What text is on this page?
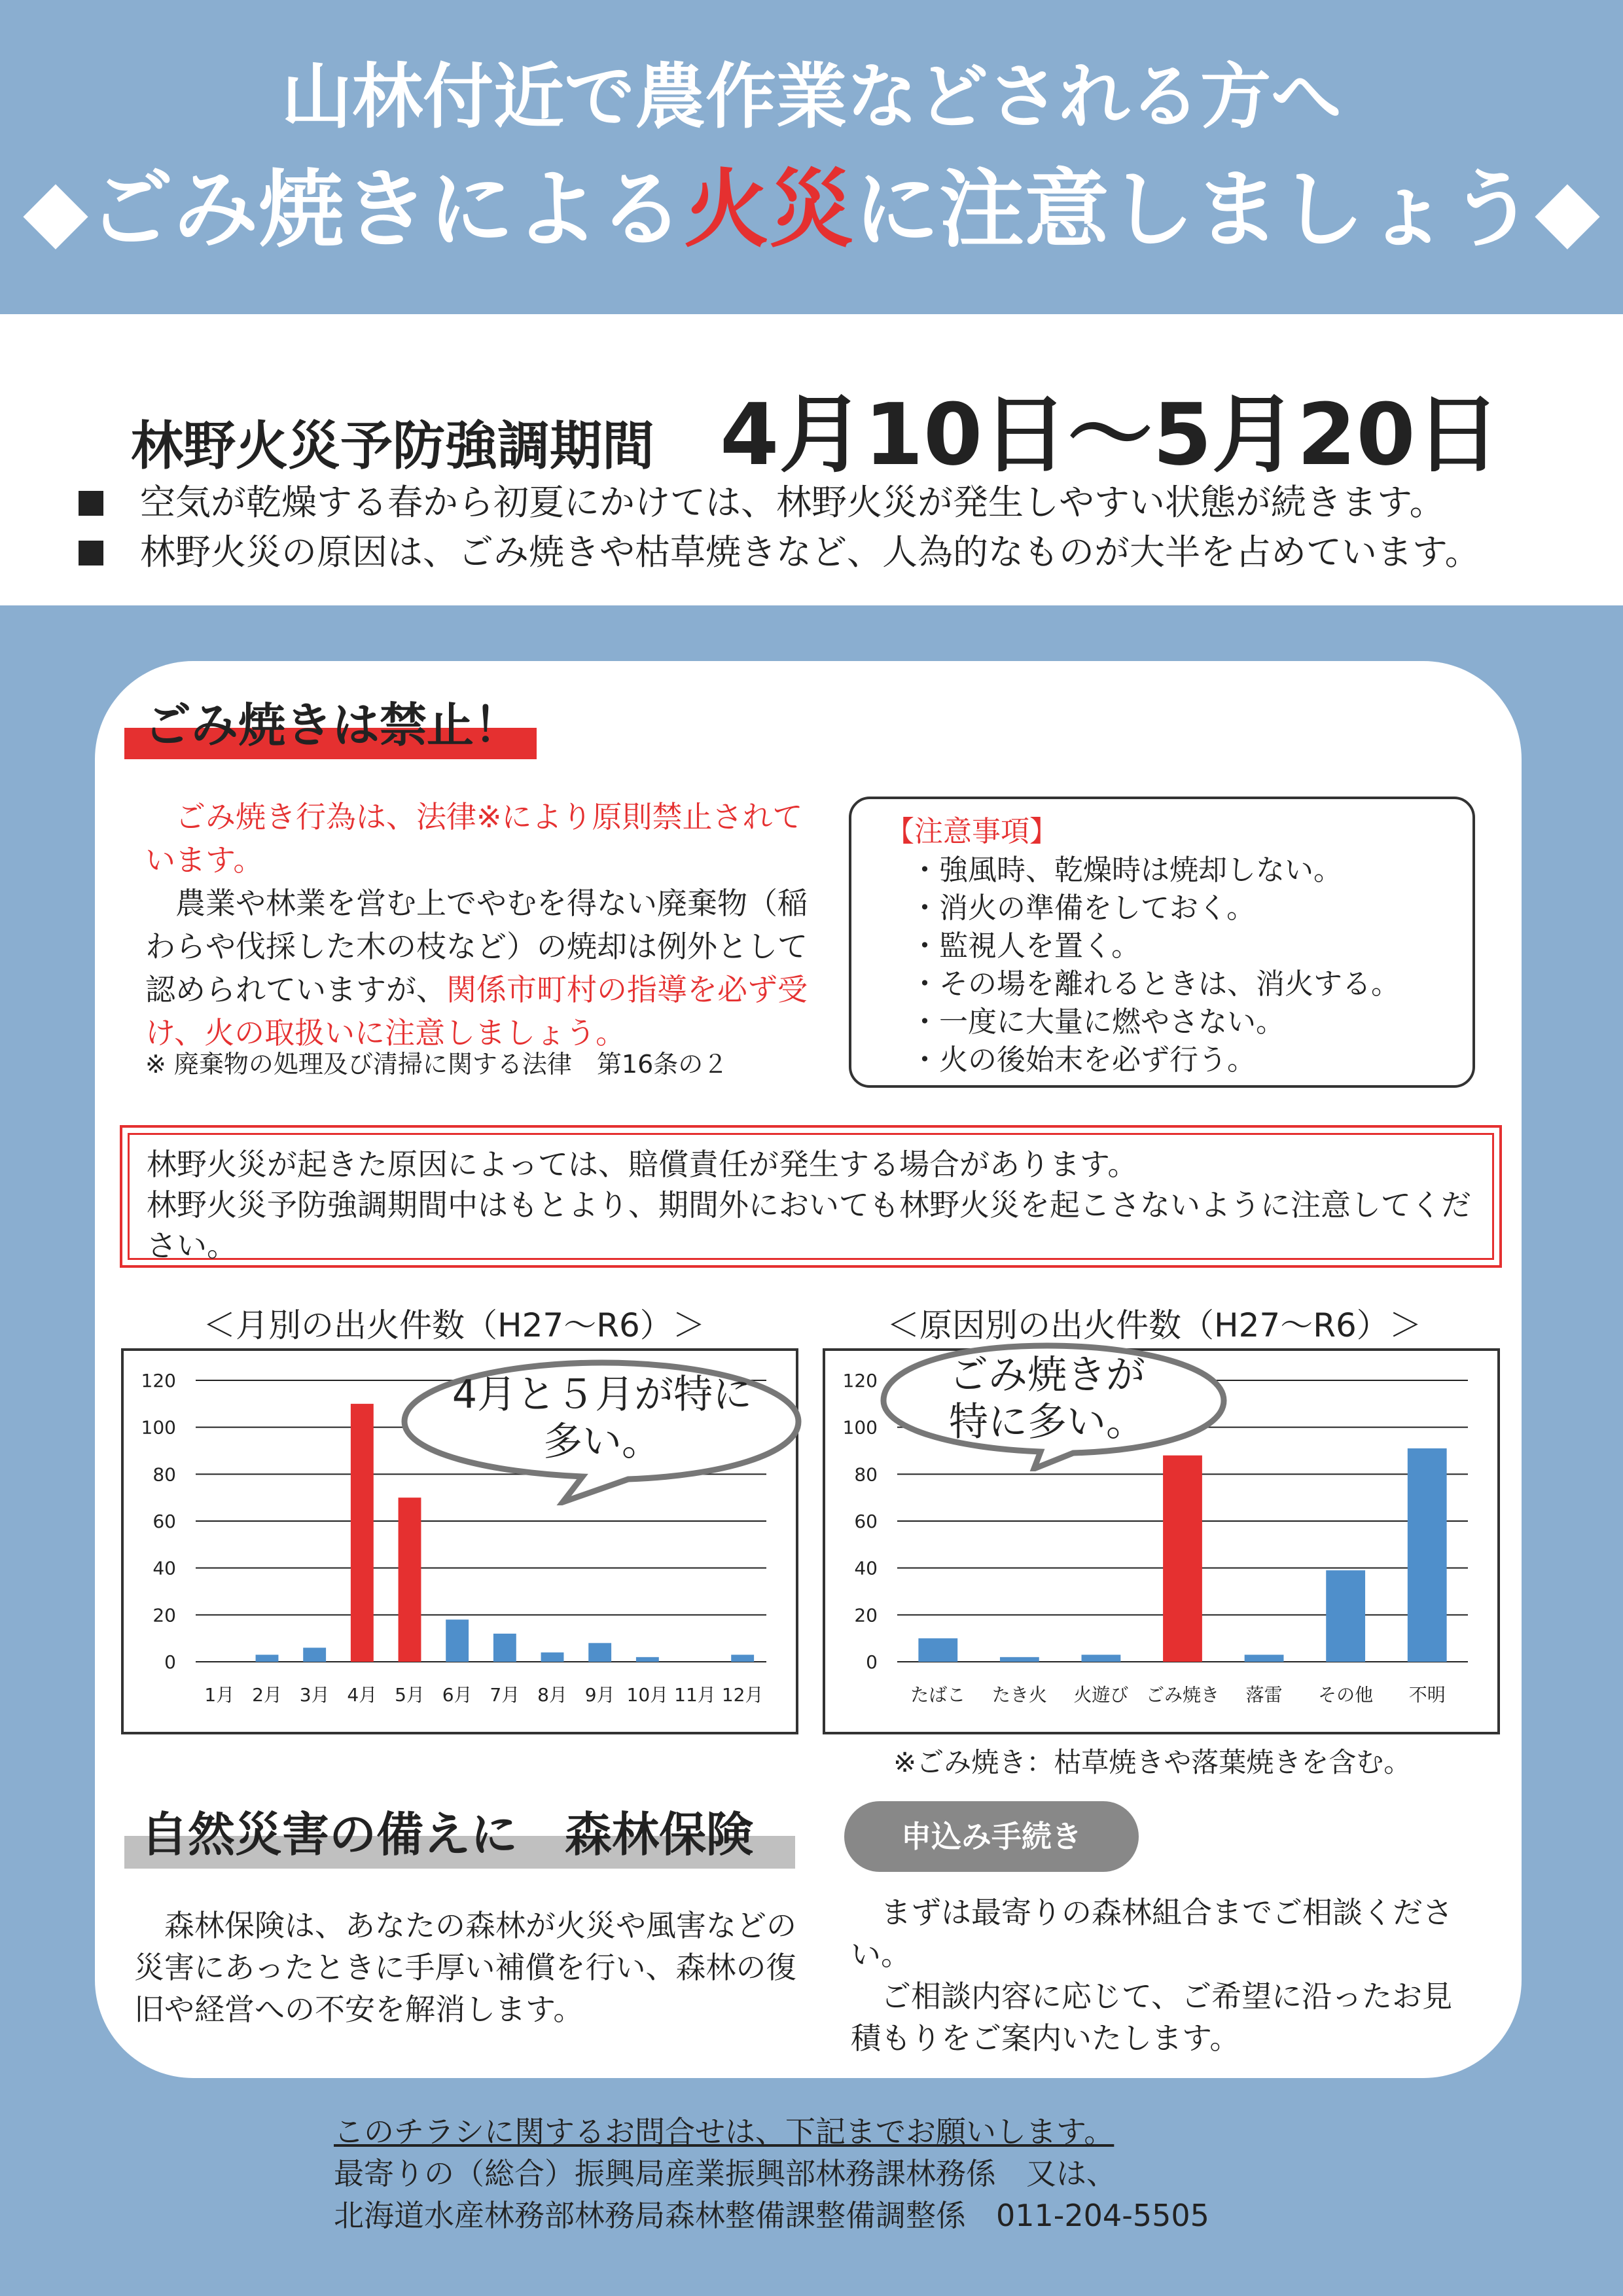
山林付近で農作業などされる方へ
◆ごみ焼きによる火災に注意しましょう◆
林野火災予防強調期間 4月10日～5月20日
空気が乾燥する春から初夏にかけては、林野火災が発生しやすい状態が続きます。
林野火災の原因は、ごみ焼きや枯草焼きなど、人為的なものが大半を占めています。
ごみ焼きは禁止！
ごみ焼き行為は、法律※により原則禁止されています。
農業や林業を営む上でやむを得ない廃棄物（稲わらや伐採した木の枝など）の焼却は例外として認められていますが、関係市町村の指導を必ず受け、火の取扱いに注意しましょう。
※ 廃棄物の処理及び清掃に関する法律　第16条の２
【注意事項】
・強風時、乾燥時は焼却しない。
・消火の準備をしておく。
・監視人を置く。
・その場を離れるときは、消火する。
・一度に大量に燃やさない。
・火の後始末を必ず行う。
林野火災が起きた原因によっては、賠償責任が発生する場合があります。
林野火災予防強調期間中はもとより、期間外においても林野火災を起こさないように注意してください。
＜月別の出火件数（H27～R6）＞
0
20
40
60
80
100
120
1月 2月 3月 4月 5月 6月 7月 8月 9月 10月 11月 12月
4月と５月が特に多い。
＜原因別の出火件数（H27～R6）＞
0
20
40
60
80
100
120
たばこ たき火 火遊び ごみ焼き 落雷 その他 不明
ごみ焼きが特に多い。
※ごみ焼き：枯草焼きや落葉焼きを含む。
自然災害の備えに　森林保険	申込み手続き
森林保険は、あなたの森林が火災や風害などの災害にあったときに手厚い補償を行い、森林の復旧や経営への不安を解消します。
まずは最寄りの森林組合までご相談ください。
ご相談内容に応じて、ご希望に沿ったお見積もりをご案内いたします。
このチラシに関するお問合せは、下記までお願いします。
最寄りの（総合）振興局産業振興部林務課林務係　又は、
北海道水産林務部林務局森林整備課整備調整係　011-204-5505
